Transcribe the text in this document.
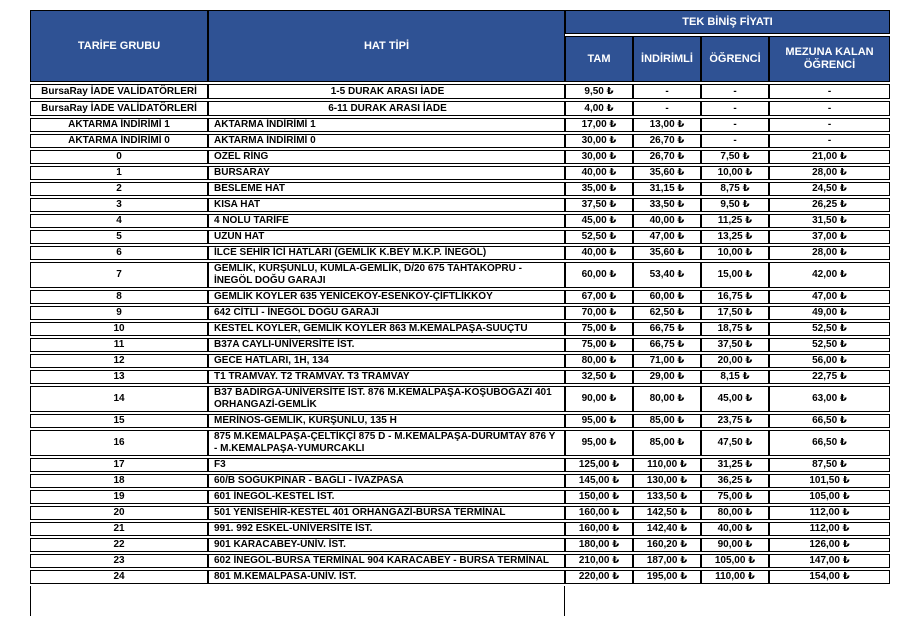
TARİFE GRUBU	HAT TİPİ	TEK BİNİŞ FİYATI			
		TAM	İNDİRİMLİ	ÖĞRENCİ	MEZUNA KALAN ÖĞRENCİ
BursaRay İADE VALİDATÖRLERİ	1-5 DURAK ARASI İADE	9,50 ₺	-	-	-
BursaRay İADE VALİDATÖRLERİ	6-11 DURAK ARASI İADE	4,00 ₺	-	-	-
AKTARMA İNDİRİMİ 1	AKTARMA İNDİRİMİ 1	17,00 ₺	13,00 ₺	-	-
AKTARMA İNDİRİMİ 0	AKTARMA İNDİRİMİ 0	30,00 ₺	26,70 ₺	-	-
0	ÖZEL RİNG	30,00 ₺	26,70 ₺	7,50 ₺	21,00 ₺
1	BURSARAY	40,00 ₺	35,60 ₺	10,00 ₺	28,00 ₺
2	BESLEME HAT	35,00 ₺	31,15 ₺	8,75 ₺	24,50 ₺
3	KISA HAT	37,50 ₺	33,50 ₺	9,50 ₺	26,25 ₺
4	4 NOLU TARİFE	45,00 ₺	40,00 ₺	11,25 ₺	31,50 ₺
5	UZUN HAT	52,50 ₺	47,00 ₺	13,25 ₺	37,00 ₺
6	İLCE SEHİR İCİ HATLARI (GEMLİK K.BEY M.K.P. İNEGÖL)	40,00 ₺	35,60 ₺	10,00 ₺	28,00 ₺
7	GEMLİK, KURŞUNLU, KUMLA-GEMLİK, D/20 675 TAHTAKÖPRÜ - İNEGÖL DOĞU GARAJI	60,00 ₺	53,40 ₺	15,00 ₺	42,00 ₺
8	GEMLİK KÖYLER 635 YENİCEKÖY-ESENKÖY-ÇİFTLİKKÖY	67,00 ₺	60,00 ₺	16,75 ₺	47,00 ₺
9	642 CİTLİ - İNEGÖL DOĞU GARAJI	70,00 ₺	62,50 ₺	17,50 ₺	49,00 ₺
10	KESTEL KÖYLER, GEMLİK KÖYLER 863 M.KEMALPAŞA-SUUÇTU	75,00 ₺	66,75 ₺	18,75 ₺	52,50 ₺
11	B37A CAYLI-ÜNİVERSİTE İST.	75,00 ₺	66,75 ₺	37,50 ₺	52,50 ₺
12	GECE HATLARI, 1H, 134	80,00 ₺	71,00 ₺	20,00 ₺	56,00 ₺
13	T1 TRAMVAY. T2 TRAMVAY. T3 TRAMVAY	32,50 ₺	29,00 ₺	8,15 ₺	22,75 ₺
14	B37 BADIRGA-ÜNİVERSİTE İST. 876 M.KEMALPAŞA-KOŞUBOĞAZI 401 ORHANGAZİ-GEMLİK	90,00 ₺	80,00 ₺	45,00 ₺	63,00 ₺
15	MERİNOS-GEMLİK, KURŞUNLU, 135 H	95,00 ₺	85,00 ₺	23,75 ₺	66,50 ₺
16	875 M.KEMALPAŞA-ÇELTİKÇİ 875 D - M.KEMALPAŞA-DURUMTAY 876 Y - M.KEMALPAŞA-YUMURCAKLI	95,00 ₺	85,00 ₺	47,50 ₺	66,50 ₺
17	F3	125,00 ₺	110,00 ₺	31,25 ₺	87,50 ₺
18	60/B SOĞUKPINAR - BAĞLI - İVAZPASA	145,00 ₺	130,00 ₺	36,25 ₺	101,50 ₺
19	601 İNEGÖL-KESTEL İST.	150,00 ₺	133,50 ₺	75,00 ₺	105,00 ₺
20	501 YENİSEHİR-KESTEL 401 ORHANGAZİ-BURSA TERMİNAL	160,00 ₺	142,50 ₺	80,00 ₺	112,00 ₺
21	991. 992 ESKEL-ÜNİVERSİTE İST.	160,00 ₺	142,40 ₺	40,00 ₺	112,00 ₺
22	901 KARACABEY-ÜNİV. İST.	180,00 ₺	160,20 ₺	90,00 ₺	126,00 ₺
23	602 İNEGÖL-BURSA TERMİNAL 904 KARACABEY - BURSA TERMİNAL	210,00 ₺	187,00 ₺	105,00 ₺	147,00 ₺
24	801 M.KEMALPASA-ÜNİV. İST.	220,00 ₺	195,00 ₺	110,00 ₺	154,00 ₺
